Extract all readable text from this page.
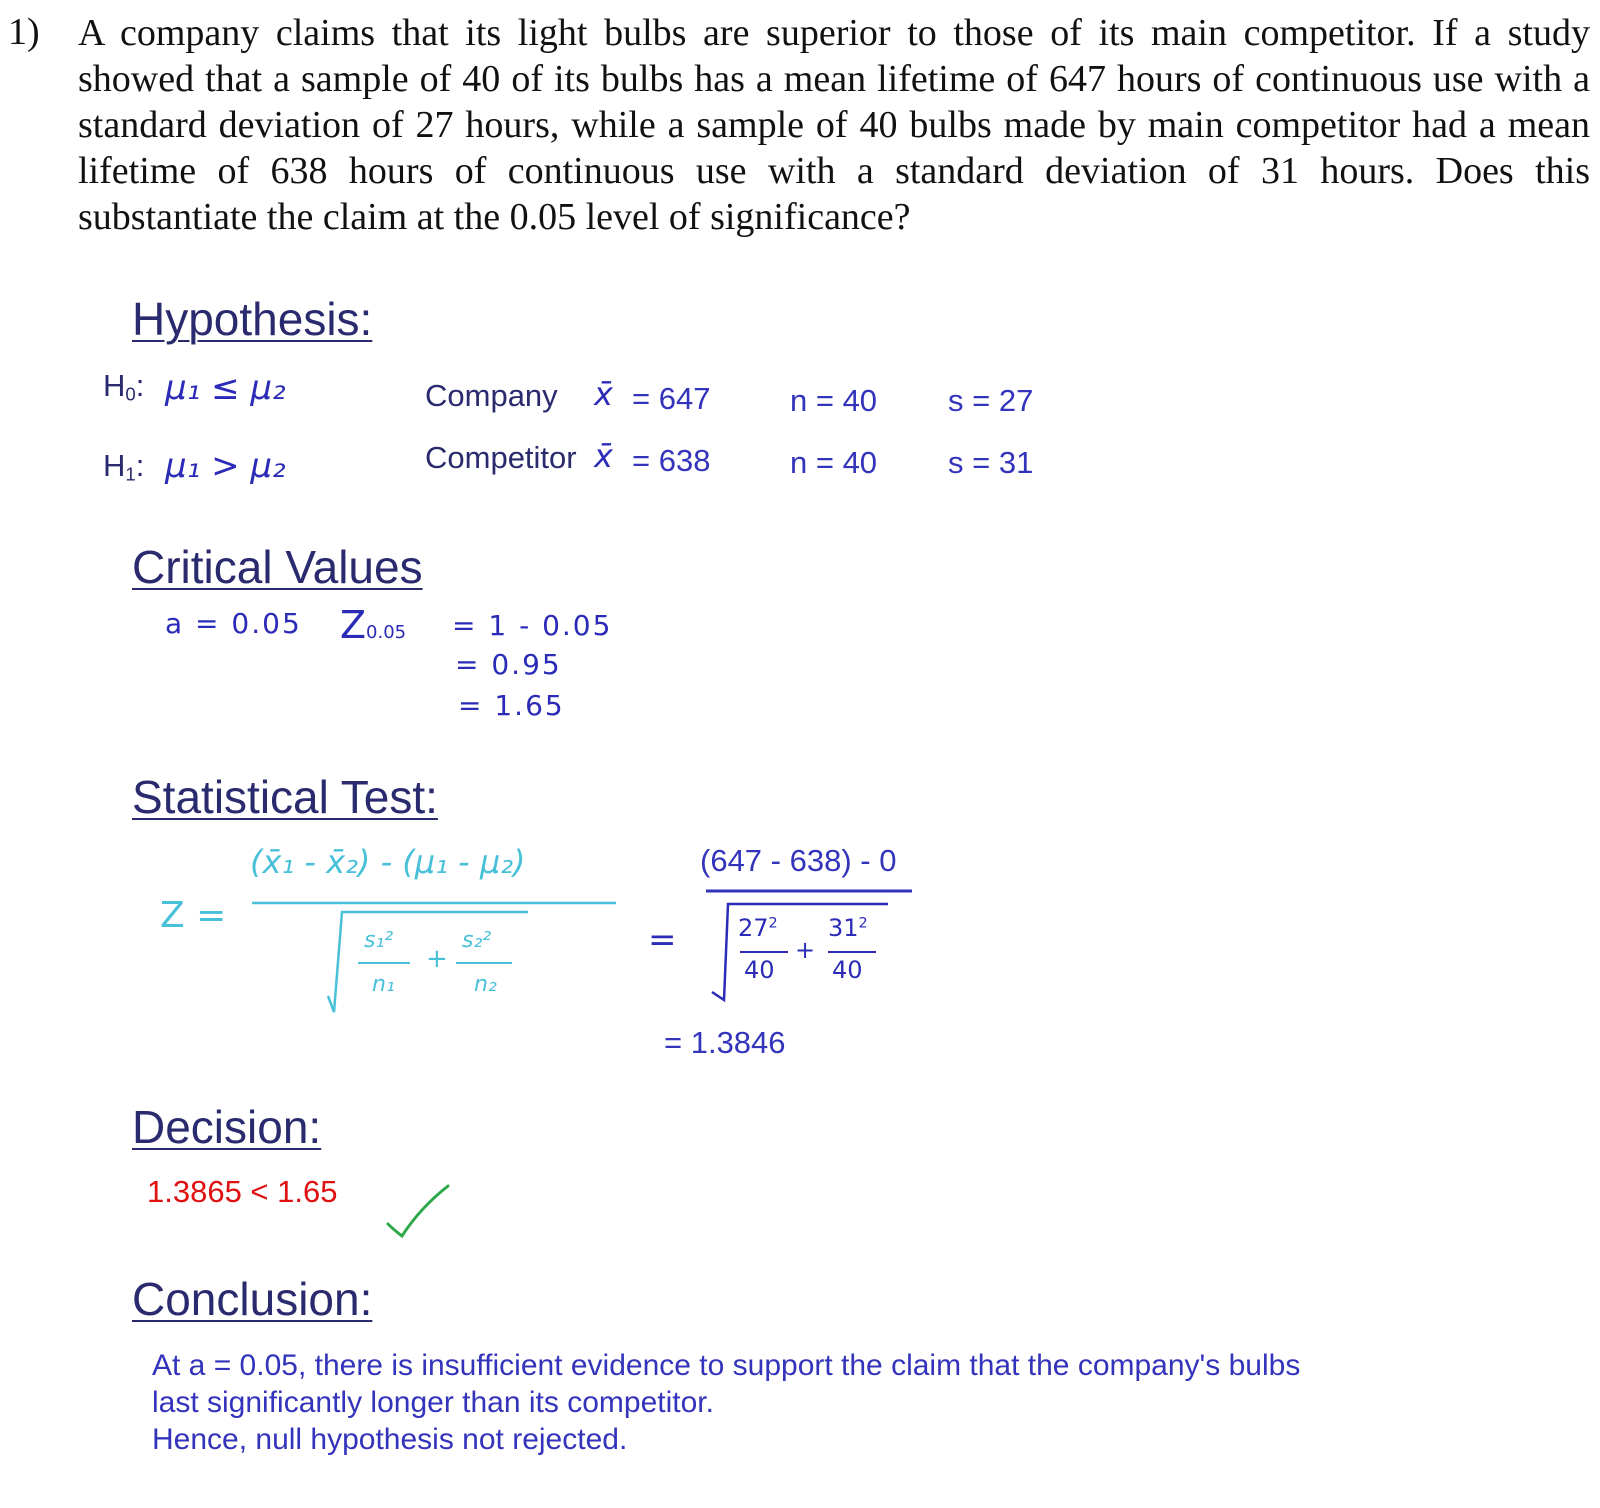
1) A company claims that its light bulbs are superior to those of its main competitor. If a study showed that a sample of 40 of its bulbs has a mean lifetime of 647 hours of continuous use with a standard deviation of 27 hours, while a sample of 40 bulbs made by main competitor had a mean lifetime of 638 hours of continuous use with a standard deviation of 31 hours. Does this substantiate the claim at the 0.05 level of significance?
Hypothesis:
$H_0$: μ₁ ≤ μ₂
$H_1$: μ₁ > μ₂
Company x̄ = 647	n = 40 s = 27
Competitor x̄ = 638	n = 40 s = 31
Critical Values
a = 0.05 Z0.05 = 1 - 0.05
= 0.95
= 1.65
Statistical Test:
Z =
(x̄₁ - x̄₂) - (μ₁ - μ₂)
s₁²
n₁
+
s₂²
n₂
=
(647 - 638) - 0
$27^2$
40
+
$31^2$
40
= 1.3846
Decision:
1.3865 < 1.65
Conclusion:
At a = 0.05, there is insufficient evidence to support the claim that the company's bulbs
last significantly longer than its competitor.
Hence, null hypothesis not rejected.
